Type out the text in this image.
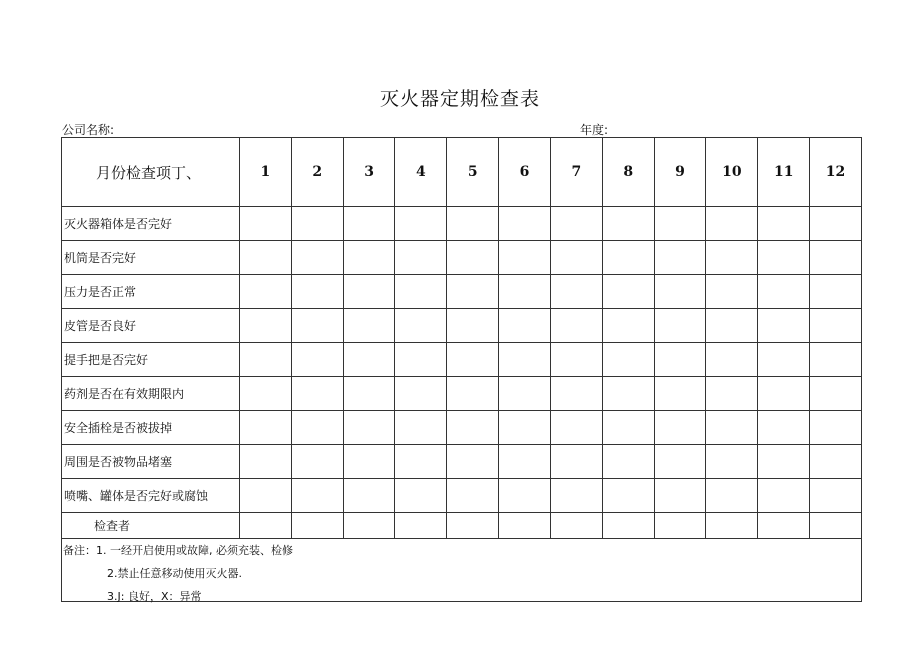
灭火器定期检查表
公司名称:	年度:
月份检查项丁、	1	2	3	4	5	6	7	8	9	10	11	12
灭火器箱体是否完好												
机筒是否完好												
压力是否正常												
皮管是否良好												
提手把是否完好												
药剂是否在有效期限内												
安全插栓是否被拔掉												
周围是否被物品堵塞												
喷嘴、罐体是否完好或腐蚀												
检查者												

备注：1. 一经开启使用或故障, 必须充装、检修
2.禁止任意移动使用灭火器.
3.J: 良好，X：异常												
